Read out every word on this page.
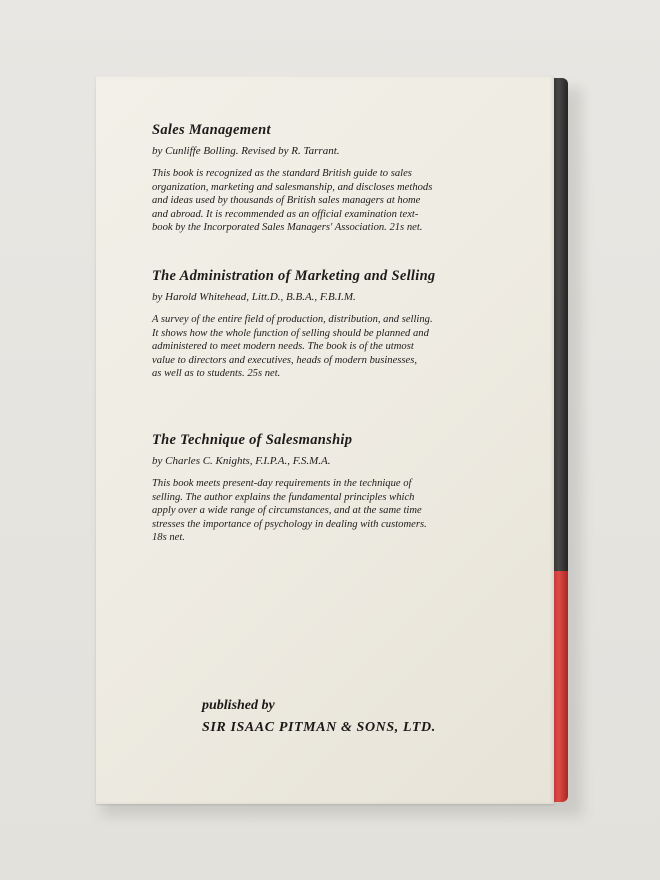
Sales Management

by Cunliffe Bolling. Revised by R. Tarrant.

This book is recognized as the standard British guide to sales
organization, marketing and salesmanship, and discloses methods
and ideas used by thousands of British sales managers at home
and abroad. It is recommended as an official examination text-
book by the Incorporated Sales Managers' Association. 21s net.

The Administration of Marketing and Selling

by Harold Whitehead, Litt.D., B.B.A., F.B.I.M.

A survey of the entire field of production, distribution, and selling.
It shows how the whole function of selling should be planned and
administered to meet modern needs. The book is of the utmost
value to directors and executives, heads of modern businesses,
as well as to students. 25s net.

The Technique of Salesmanship

by Charles C. Knights, F.I.P.A., F.S.M.A.

This book meets present-day requirements in the technique of
selling. The author explains the fundamental principles which
apply over a wide range of circumstances, and at the same time
stresses the importance of psychology in dealing with customers.
18s net.

published by

SIR ISAAC PITMAN & SONS, LTD.
